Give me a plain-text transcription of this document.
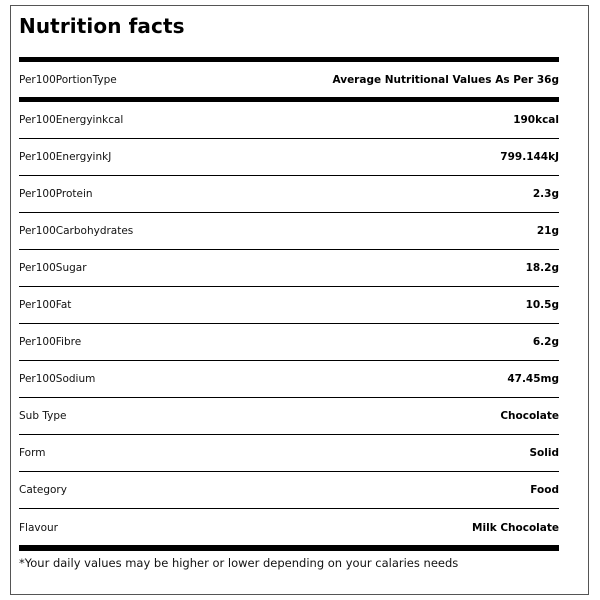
Nutrition facts
Per100PortionType	Average Nutritional Values As Per 36g
Per100Energyinkcal	190kcal
Per100EnergyinkJ	799.144kJ
Per100Protein	2.3g
Per100Carbohydrates	21g
Per100Sugar	18.2g
Per100Fat	10.5g
Per100Fibre	6.2g
Per100Sodium	47.45mg
Sub Type	Chocolate
Form	Solid
Category	Food
Flavour	Milk Chocolate
*Your daily values may be higher or lower depending on your calaries needs
